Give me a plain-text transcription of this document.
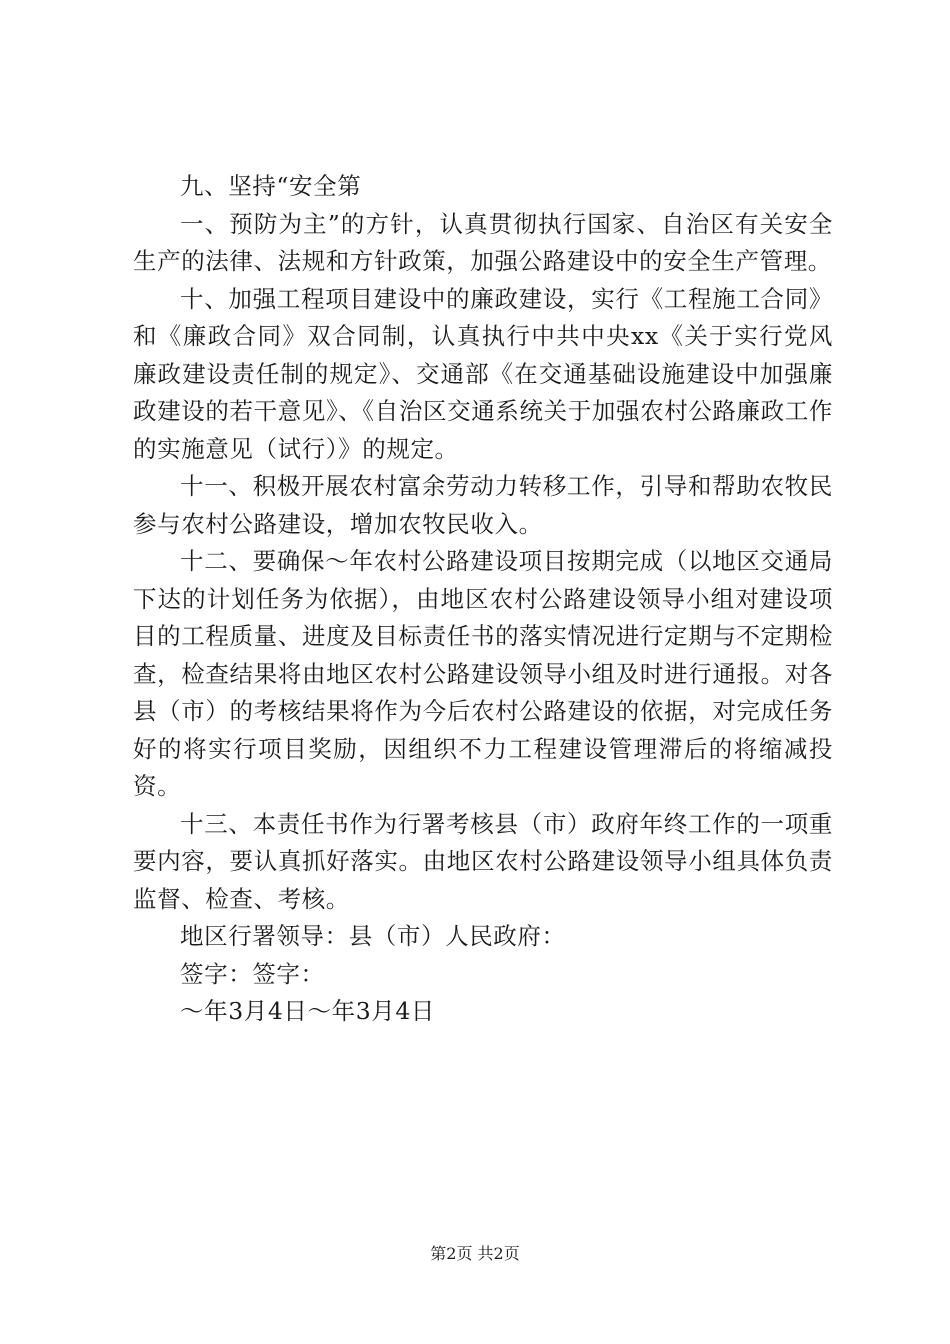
九、坚持“安全第

一、预防为主”的方针，认真贯彻执行国家、自治区有关安全生产的法律、法规和方针政策，加强公路建设中的安全生产管理。

十、加强工程项目建设中的廉政建设，实行《工程施工合同》和《廉政合同》双合同制，认真执行中共中央xx《关于实行党风廉政建设责任制的规定》、交通部《在交通基础设施建设中加强廉政建设的若干意见》、《自治区交通系统关于加强农村公路廉政工作的实施意见（试行）》的规定。

十一、积极开展农村富余劳动力转移工作，引导和帮助农牧民参与农村公路建设，增加农牧民收入。

十二、要确保～年农村公路建设项目按期完成（以地区交通局下达的计划任务为依据），由地区农村公路建设领导小组对建设项目的工程质量、进度及目标责任书的落实情况进行定期与不定期检查，检查结果将由地区农村公路建设领导小组及时进行通报。对各县（市）的考核结果将作为今后农村公路建设的依据，对完成任务好的将实行项目奖励，因组织不力工程建设管理滞后的将缩减投资。

十三、本责任书作为行署考核县（市）政府年终工作的一项重要内容，要认真抓好落实。由地区农村公路建设领导小组具体负责监督、检查、考核。

地区行署领导：县（市）人民政府：

签字：签字：

～年3月4日～年3月4日

第2页 共2页
